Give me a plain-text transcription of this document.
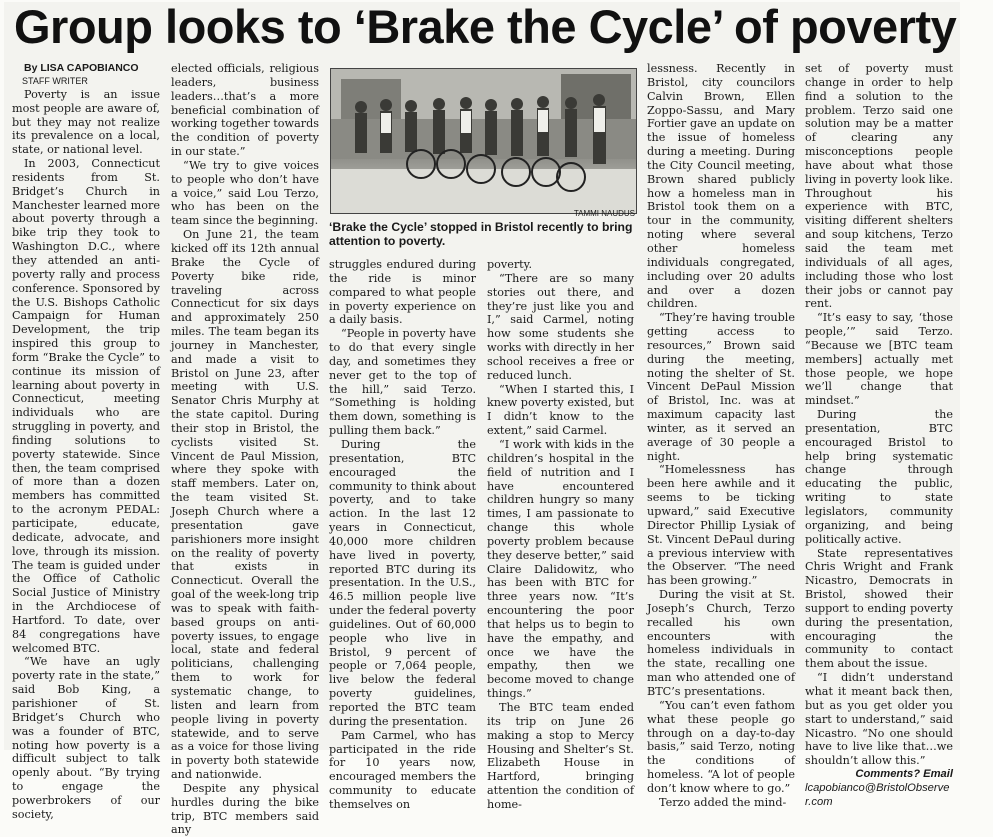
Group looks to ‘Brake the Cycle’ of poverty

By LISA CAPOBIANCO

STAFF WRITER

Poverty is an issue most people are aware of, but they may not realize its prevalence on a local, state, or national level.

In 2003, Connecticut residents from St. Bridget’s Church in Manchester learned more about poverty through a bike trip they took to Washington D.C., where they attended an anti-poverty rally and process conference. Sponsored by the U.S. Bishops Catholic Campaign for Human Development, the trip inspired this group to form “Brake the Cycle” to continue its mission of learning about poverty in Connecticut, meeting individuals who are struggling in poverty, and finding solutions to poverty statewide. Since then, the team comprised of more than a dozen members has committed to the acronym PEDAL: participate, educate, dedicate, advocate, and love, through its mission. The team is guided under the Office of Catholic Social Justice of Ministry in the Archdiocese of Hartford. To date, over 84 congregations have welcomed BTC.

“We have an ugly poverty rate in the state,” said Bob King, a parishioner of St. Bridget’s Church who was a founder of BTC, noting how poverty is a difficult subject to talk openly about. “By trying to engage the powerbrokers of our society,

elected officials, religious leaders, business leaders…that’s a more beneficial combination of working together towards the condition of poverty in our state.”

“We try to give voices to people who don’t have a voice,” said Lou Terzo, who has been on the team since the beginning.

On June 21, the team kicked off its 12th annual Brake the Cycle of Poverty bike ride, traveling across Connecticut for six days and approximately 250 miles. The team began its journey in Manchester, and made a visit to Bristol on June 23, after meeting with U.S. Senator Chris Murphy at the state capitol. During their stop in Bristol, the cyclists visited St. Vincent de Paul Mission, where they spoke with staff members. Later on, the team visited St. Joseph Church where a presentation gave parishioners more insight on the reality of poverty that exists in Connecticut. Overall the goal of the week-long trip was to speak with faith-based groups on anti-poverty issues, to engage local, state and federal politicians, challenging them to work for systematic change, to listen and learn from people living in poverty statewide, and to serve as a voice for those living in poverty both statewide and nationwide.

Despite any physical hurdles during the bike trip, BTC members said any

TAMMI NAUDUS
‘Brake the Cycle’ stopped in Bristol recently to bring attention to poverty.

struggles endured during the ride is minor compared to what people in poverty experience on a daily basis.

“People in poverty have to do that every single day, and sometimes they never get to the top of the hill,” said Terzo. “Something is holding them down, something is pulling them back.”

During the presentation, BTC encouraged the community to think about poverty, and to take action. In the last 12 years in Connecticut, 40,000 more children have lived in poverty, reported BTC during its presentation. In the U.S., 46.5 million people live under the federal poverty guidelines. Out of 60,000 people who live in Bristol, 9 percent of people or 7,064 people, live below the federal poverty guidelines, reported the BTC team during the presentation.

Pam Carmel, who has participated in the ride for 10 years now, encouraged members the community to educate themselves on

poverty.

“There are so many stories out there, and they’re just like you and I,” said Carmel, noting how some students she works with directly in her school receives a free or reduced lunch.

“When I started this, I knew poverty existed, but I didn’t know to the extent,” said Carmel.

“I work with kids in the children’s hospital in the field of nutrition and I have encountered children hungry so many times, I am passionate to change this whole poverty problem because they deserve better,” said Claire Dalidowitz, who has been with BTC for three years now. “It’s encountering the poor that helps us to begin to have the empathy, and once we have the empathy, then we become moved to change things.”

The BTC team ended its trip on June 26 making a stop to Mercy Housing and Shelter’s St. Elizabeth House in Hartford, bringing attention the condition of home-

lessness. Recently in Bristol, city councilors Calvin Brown, Ellen Zoppo-Sassu, and Mary Fortier gave an update on the issue of homeless during a meeting. During the City Council meeting, Brown shared publicly how a homeless man in Bristol took them on a tour in the community, noting where several other homeless individuals congregated, including over 20 adults and over a dozen children.

“They’re having trouble getting access to resources,” Brown said during the meeting, noting the shelter of St. Vincent DePaul Mission of Bristol, Inc. was at maximum capacity last winter, as it served an average of 30 people a night.

“Homelessness has been here awhile and it seems to be ticking upward,” said Executive Director Phillip Lysiak of St. Vincent DePaul during a previous interview with the Observer. “The need has been growing.”

During the visit at St. Joseph’s Church, Terzo recalled his own encounters with homeless individuals in the state, recalling one man who attended one of BTC’s presentations.

“You can’t even fathom what these people go through on a day-to-day basis,” said Terzo, noting the conditions of homeless. “A lot of people don’t know where to go.”

Terzo added the mind-

set of poverty must change in order to help find a solution to the problem. Terzo said one solution may be a matter of clearing any misconceptions people have about what those living in poverty look like. Throughout his experience with BTC, visiting different shelters and soup kitchens, Terzo said the team met individuals of all ages, including those who lost their jobs or cannot pay rent.

“It’s easy to say, ‘those people,’” said Terzo. “Because we [BTC team members] actually met those people, we hope we’ll change that mindset.”

During the presentation, BTC encouraged Bristol to help bring systematic change through educating the public, writing to state legislators, community organizing, and being politically active.

State representatives Chris Wright and Frank Nicastro, Democrats in Bristol, showed their support to ending poverty during the presentation, encouraging the community to contact them about the issue.

“I didn’t understand what it meant back then, but as you get older you start to understand,” said Nicastro. “No one should have to live like that…we shouldn’t allow this.”

Comments? Email

lcapobianco@BristolObserver.com
